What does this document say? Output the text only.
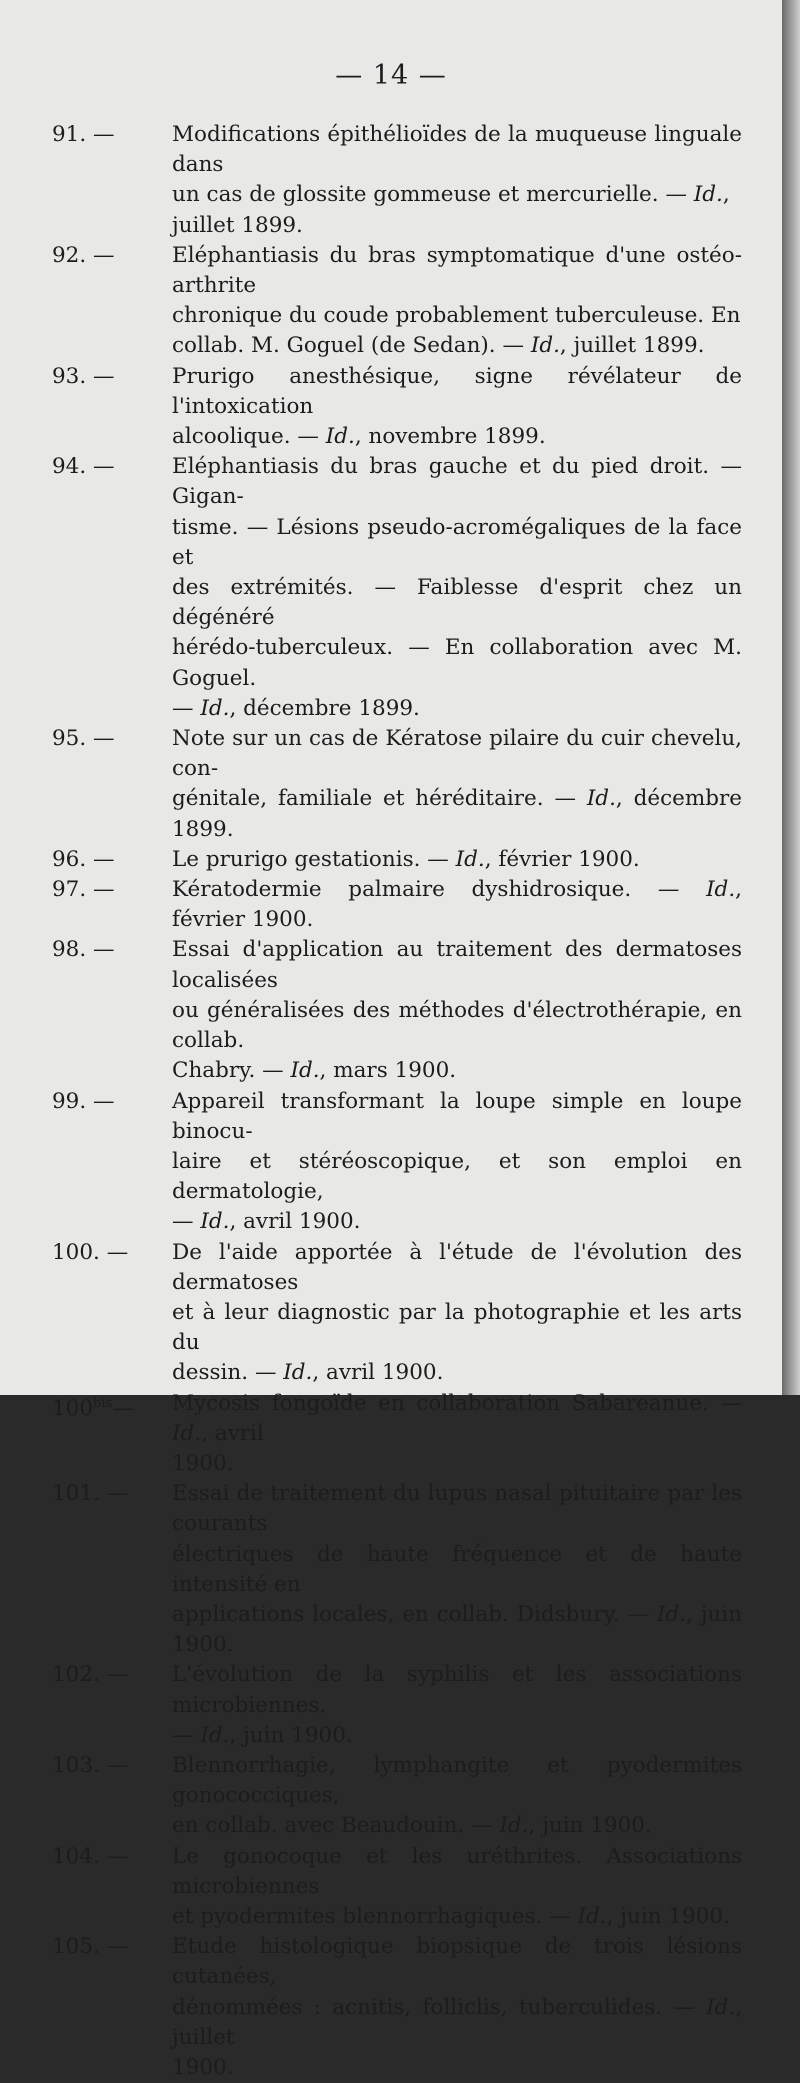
— 14 —
91. —	Modifications épithélioïdes de la muqueuse linguale dans
un cas de glossite gommeuse et mercurielle. — Id.,
juillet 1899.
92. —	Eléphantiasis du bras symptomatique d'une ostéo-arthrite
chronique du coude probablement tuberculeuse. En
collab. M. Goguel (de Sedan). — Id., juillet 1899.
93. —	Prurigo anesthésique, signe révélateur de l'intoxication
alcoolique. — Id., novembre 1899.
94. —	Eléphantiasis du bras gauche et du pied droit. — Gigan-
tisme. — Lésions pseudo-acromégaliques de la face et
des extrémités. — Faiblesse d'esprit chez un dégénéré
hérédo-tuberculeux. — En collaboration avec M. Goguel.
— Id., décembre 1899.
95. —	Note sur un cas de Kératose pilaire du cuir chevelu, con-
génitale, familiale et héréditaire. — Id., décembre 1899.
96. —	Le prurigo gestationis. — Id., février 1900.
97. —	Kératodermie palmaire dyshidrosique. — Id., février 1900.
98. —	Essai d'application au traitement des dermatoses localisées
ou généralisées des méthodes d'électrothérapie, en collab.
Chabry. — Id., mars 1900.
99. —	Appareil transformant la loupe simple en loupe binocu-
laire et stéréoscopique, et son emploi en dermatologie,
— Id., avril 1900.
100. —	De l'aide apportée à l'étude de l'évolution des dermatoses
et à leur diagnostic par la photographie et les arts du
dessin. — Id., avril 1900.
$100^{bis}—$	Mycosis fongoïde en collaboration Sabareanue. — Id., avril
1900.
101. —	Essai de traitement du lupus nasal pituitaire par les courants
électriques de haute fréquence et de haute intensité en
applications locales, en collab. Didsbury. — Id., juin 1900.
102. —	L'évolution de la syphilis et les associations microbiennes.
— Id., juin 1900.
103. —	Blennorrhagie, lymphangite et pyodermites gonococciques,
en collab. avec Beaudouin. — Id., juin 1900.
104. —	Le gonocoque et les uréthrites. Associations microbiennes
et pyodermites blennorrhagiques. — Id., juin 1900.
105. —	Etude histologique biopsique de trois lésions cutanées,
dénommées : acnitis, folliclis, tuberculides. — Id., juillet
1900.
